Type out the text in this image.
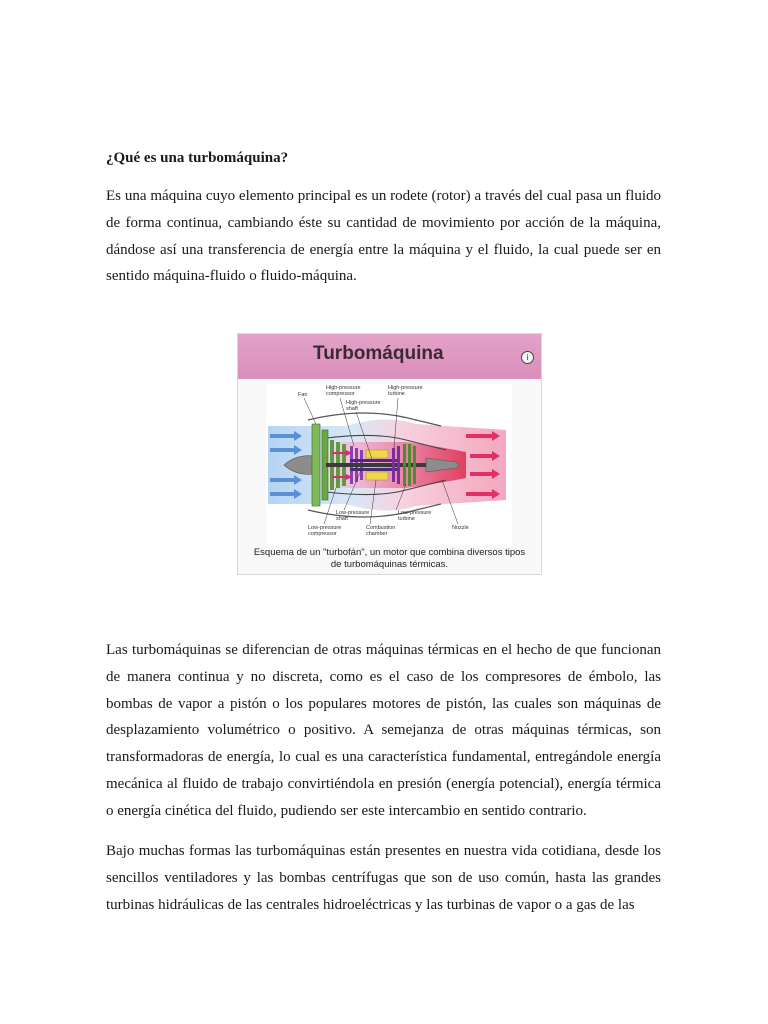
¿Qué es una turbomáquina?

Es una máquina cuyo elemento principal es un rodete (rotor) a través del cual pasa un fluido de forma continua, cambiando éste su cantidad de movimiento por acción de la máquina, dándose así una transferencia de energía entre la máquina y el fluido, la cual puede ser en sentido máquina-fluido o fluido-máquina.

Turbomáquina	i
Fan
High-pressure
compressor
High-pressure
shaft
High-pressure
turbine
Low-pressure
shaft
Low-pressure
turbine
Low-pressure
compressor
Combustion
chamber
Nozzle
Esquema de un "turbofán", un motor que combina diversos tipos
de turbomáquinas térmicas.

Las turbomáquinas se diferencian de otras máquinas térmicas en el hecho de que funcionan de manera continua y no discreta, como es el caso de los compresores de émbolo, las bombas de vapor a pistón o los populares motores de pistón, las cuales son máquinas de desplazamiento volumétrico o positivo. A semejanza de otras máquinas térmicas, son transformadoras de energía, lo cual es una característica fundamental, entregándole energía mecánica al fluido de trabajo convirtiéndola en presión (energía potencial), energía térmica o energía cinética del fluido, pudiendo ser este intercambio en sentido contrario.

Bajo muchas formas las turbomáquinas están presentes en nuestra vida cotidiana, desde los sencillos ventiladores y las bombas centrífugas que son de uso común, hasta las grandes turbinas hidráulicas de las centrales hidroeléctricas y las turbinas de vapor o a gas de las
